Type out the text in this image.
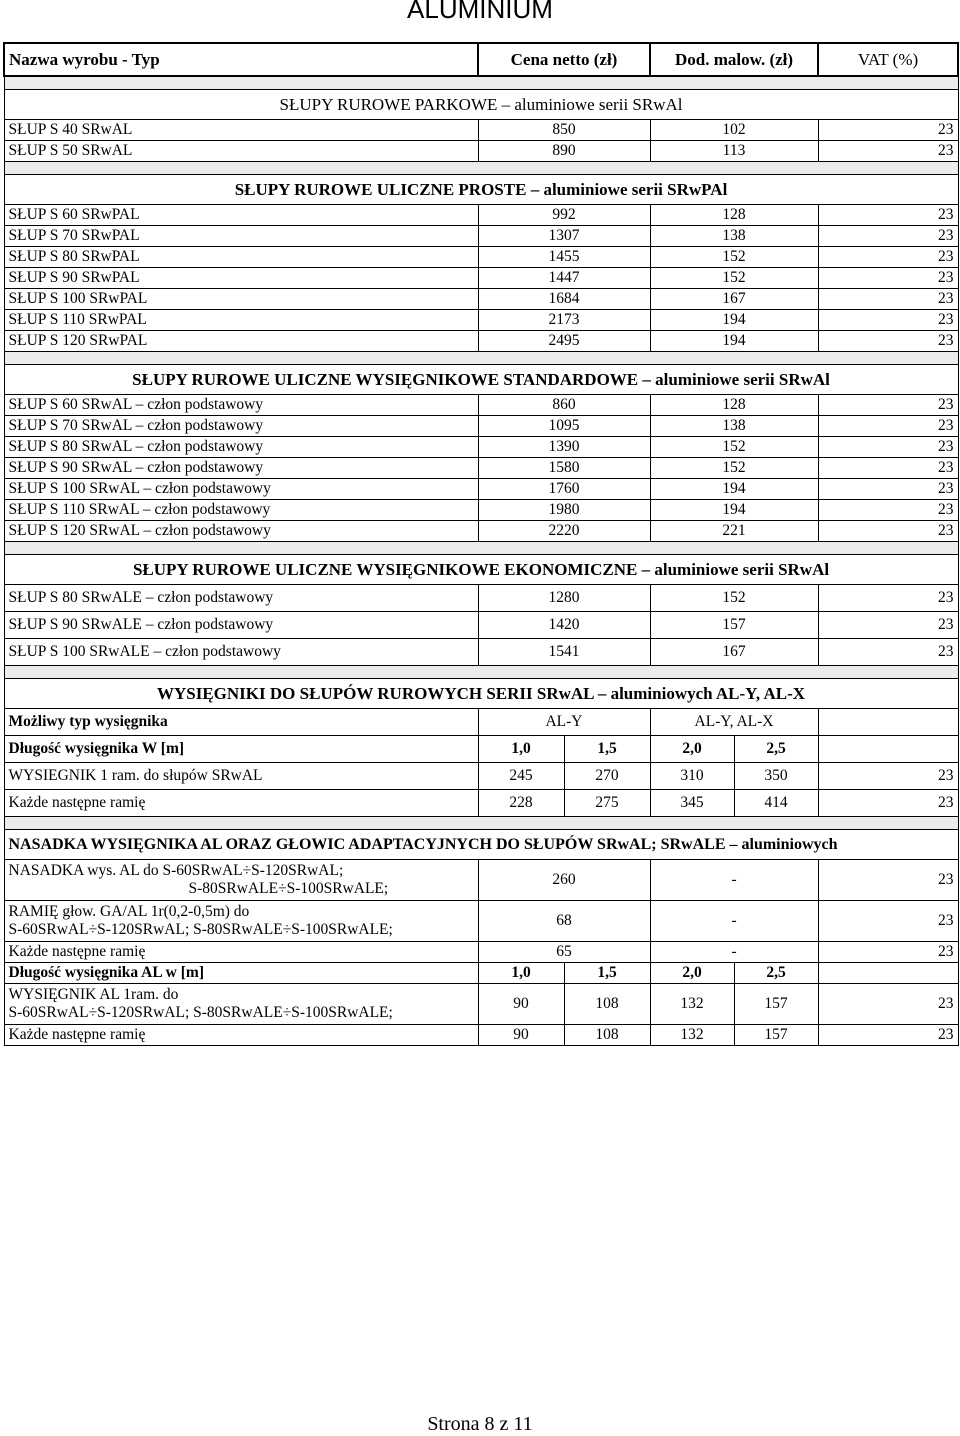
ALUMINIUM
Nazwa wyrobu - Typ	Cena netto (zł)		Dod. malow. (zł)		VAT (%)

SŁUPY RUROWE PARKOWE – aluminiowe serii SRwAl					
SŁUP S 40 SRwAL	850		102		23
SŁUP S 50 SRwAL	890		113		23

SŁUPY RUROWE ULICZNE PROSTE – aluminiowe serii SRwPAl					
SŁUP S 60 SRwPAL	992		128		23
SŁUP S 70 SRwPAL	1307		138		23
SŁUP S 80 SRwPAL	1455		152		23
SŁUP S 90 SRwPAL	1447		152		23
SŁUP S 100 SRwPAL	1684		167		23
SŁUP S 110 SRwPAL	2173		194		23
SŁUP S 120 SRwPAL	2495		194		23

SŁUPY RUROWE ULICZNE WYSIĘGNIKOWE STANDARDOWE – aluminiowe serii SRwAl					
SŁUP S 60 SRwAL – człon podstawowy	860		128		23
SŁUP S 70 SRwAL – człon podstawowy	1095		138		23
SŁUP S 80 SRwAL – człon podstawowy	1390		152		23
SŁUP S 90 SRwAL – człon podstawowy	1580		152		23
SŁUP S 100 SRwAL – człon podstawowy	1760		194		23
SŁUP S 110 SRwAL – człon podstawowy	1980		194		23
SŁUP S 120 SRwAL – człon podstawowy	2220		221		23

SŁUPY RUROWE ULICZNE WYSIĘGNIKOWE EKONOMICZNE – aluminiowe serii SRwAl					
SŁUP S 80 SRwALE – człon podstawowy	1280		152		23
SŁUP S 90 SRwALE – człon podstawowy	1420		157		23
SŁUP S 100 SRwALE – człon podstawowy	1541		167		23

WYSIĘGNIKI DO SŁUPÓW RUROWYCH SERII SRwAL – aluminiowych AL-Y, AL-X					
Możliwy typ wysięgnika	AL-Y		AL-Y, AL-X		
Długość wysięgnika W [m]	1,0	1,5	2,0	2,5	
WYSIEGNIK 1 ram. do słupów SRwAL	245	270	310	350	23
Każde następne ramię	228	275	345	414	23

NASADKA WYSIĘGNIKA AL ORAZ GŁOWIC ADAPTACYJNYCH DO SŁUPÓW SRwAL; SRwALE – aluminiowych					
NASADKA wys. AL do S-60SRwAL÷S-120SRwAL;

S-80SRwALE÷S-100SRwALE;	260		-		23
RAMIĘ głow. GA/AL 1r(0,2-0,5m) do
S-60SRwAL÷S-120SRwAL; S-80SRwALE÷S-100SRwALE;	68		-		23
Każde następne ramię	65		-		23
Długość wysięgnika AL w [m]	1,0	1,5	2,0	2,5	
WYSIĘGNIK AL 1ram. do
S-60SRwAL÷S-120SRwAL; S-80SRwALE÷S-100SRwALE;	90	108	132	157	23
Każde następne ramię	90	108	132	157	23
Strona 8 z 11
